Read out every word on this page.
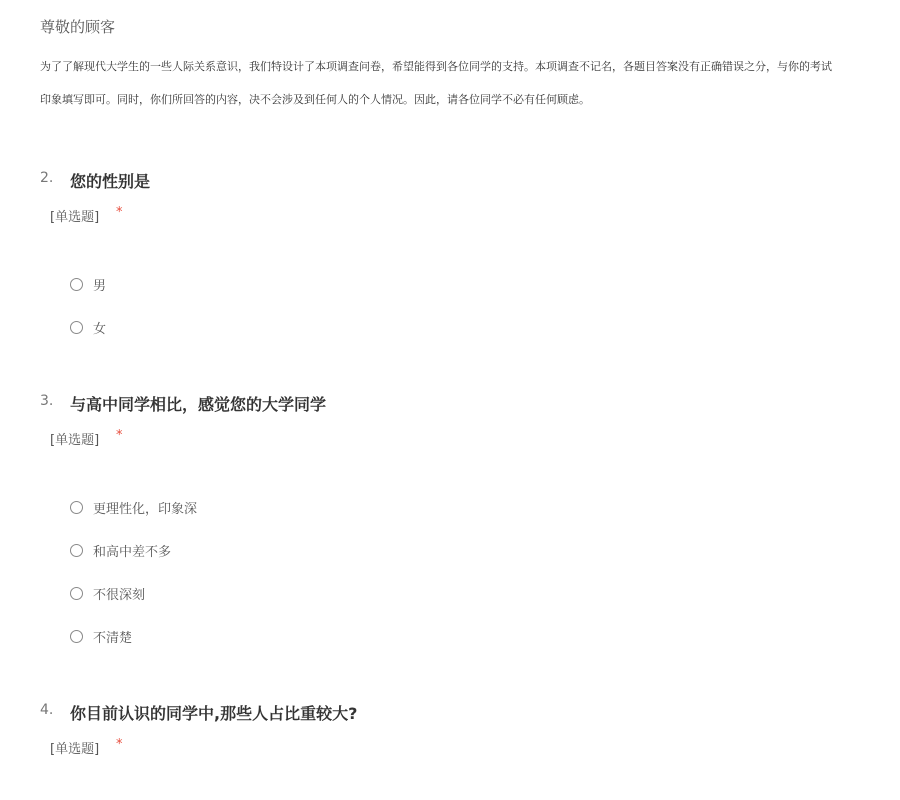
尊敬的顾客
为了了解现代大学生的一些人际关系意识，我们特设计了本项调查问卷，希望能得到各位同学的支持。本项调查不记名，各题目答案没有正确错误之分，与你的考试
印象填写即可。同时，你们所回答的内容，决不会涉及到任何人的个人情况。因此，请各位同学不必有任何顾虑。
2. 您的性别是
[单选题] *
男
女
3. 与高中同学相比，感觉您的大学同学
[单选题] *
更理性化，印象深
和高中差不多
不很深刻
不清楚
4. 你目前认识的同学中,那些人占比重较大?
[单选题] *
